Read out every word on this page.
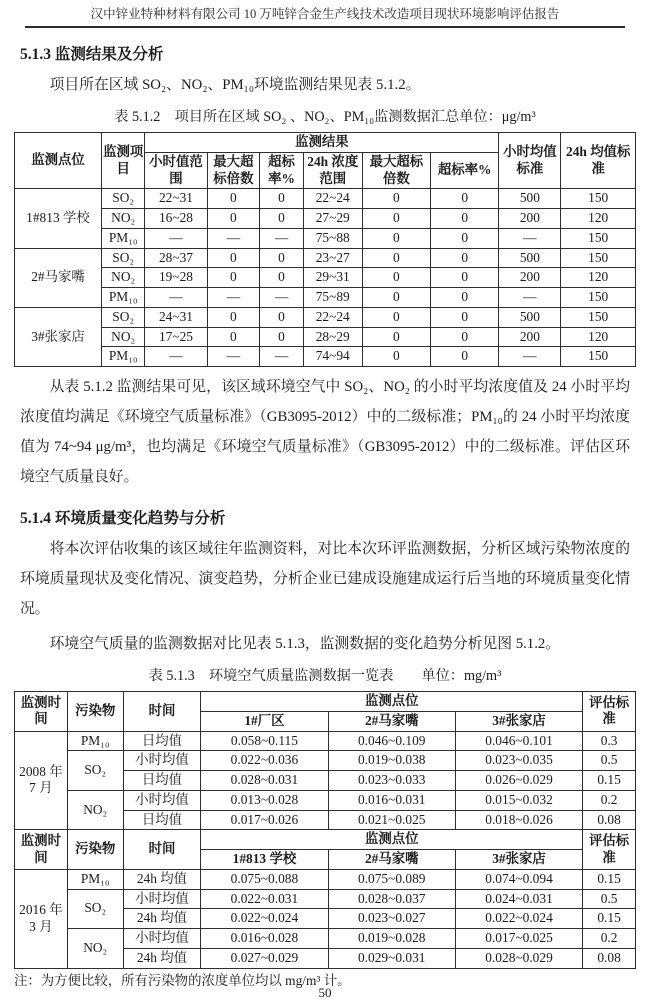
汉中锌业特种材料有限公司 10 万吨锌合金生产线技术改造项目现状环境影响评估报告
5.1.3 监测结果及分析

项目所在区域 SO₂、NO₂、PM₁₀环境监测结果见表 5.1.2。

表 5.1.2　项目所在区域 SO₂ 、NO₂、PM₁₀监测数据汇总单位：μg/m³
监测点位	监测项目	监测结果						小时均值标准	24h 均值标准
		小时值范围	最大超标倍数	超标率%	24h 浓度范围	最大超标倍数	超标率%		
1#813 学校	SO₂	22~31	0	0	22~24	0	0	500	150
	NO₂	16~28	0	0	27~29	0	0	200	120
	PM₁₀	—	—	—	75~88	0	0	—	150
2#马家嘴	SO₂	28~37	0	0	23~27	0	0	500	150
	NO₂	19~28	0	0	29~31	0	0	200	120
	PM₁₀	—	—	—	75~89	0	0	—	150
3#张家店	SO₂	24~31	0	0	22~24	0	0	500	150
	NO₂	17~25	0	0	28~29	0	0	200	120
	PM₁₀	—	—	—	74~94	0	0	—	150

从表 5.1.2 监测结果可见，该区域环境空气中 SO₂、NO₂ 的小时平均浓度值及 24 小时平均浓度值均满足《环境空气质量标准》（GB3095-2012）中的二级标准；PM₁₀的 24 小时平均浓度值为 74~94 μg/m³，也均满足《环境空气质量标准》（GB3095-2012）中的二级标准。评估区环境空气质量良好。

5.1.4 环境质量变化趋势与分析

将本次评估收集的该区域往年监测资料，对比本次环评监测数据，分析区域污染物浓度的环境质量现状及变化情况、演变趋势，分析企业已建成设施建成运行后当地的环境质量变化情况。

环境空气质量的监测数据对比见表 5.1.3，监测数据的变化趋势分析见图 5.1.2。

表 5.1.3　环境空气质量监测数据一览表 单位：mg/m³
监测时间	污染物	时间	监测点位			评估标准
			1#厂区	2#马家嘴	3#张家店	
2008 年 7 月	PM₁₀	日均值	0.058~0.115	0.046~0.109	0.046~0.101	0.3
	SO₂	小时均值	0.022~0.036	0.019~0.038	0.023~0.035	0.5
		日均值	0.028~0.031	0.023~0.033	0.026~0.029	0.15
	NO₂	小时均值	0.013~0.028	0.016~0.031	0.015~0.032	0.2
		日均值	0.017~0.026	0.021~0.025	0.018~0.026	0.08
监测时间	污染物	时间	监测点位			评估标准
			1#813 学校	2#马家嘴	3#张家店	
2016 年 3 月	PM₁₀	24h 均值	0.075~0.088	0.075~0.089	0.074~0.094	0.15
	SO₂	小时均值	0.022~0.031	0.028~0.037	0.024~0.031	0.5
		24h 均值	0.022~0.024	0.023~0.027	0.022~0.024	0.15
	NO₂	小时均值	0.016~0.028	0.019~0.028	0.017~0.025	0.2
		24h 均值	0.027~0.029	0.029~0.031	0.028~0.029	0.08
注：为方便比较，所有污染物的浓度单位均以 mg/m³ 计。
50
